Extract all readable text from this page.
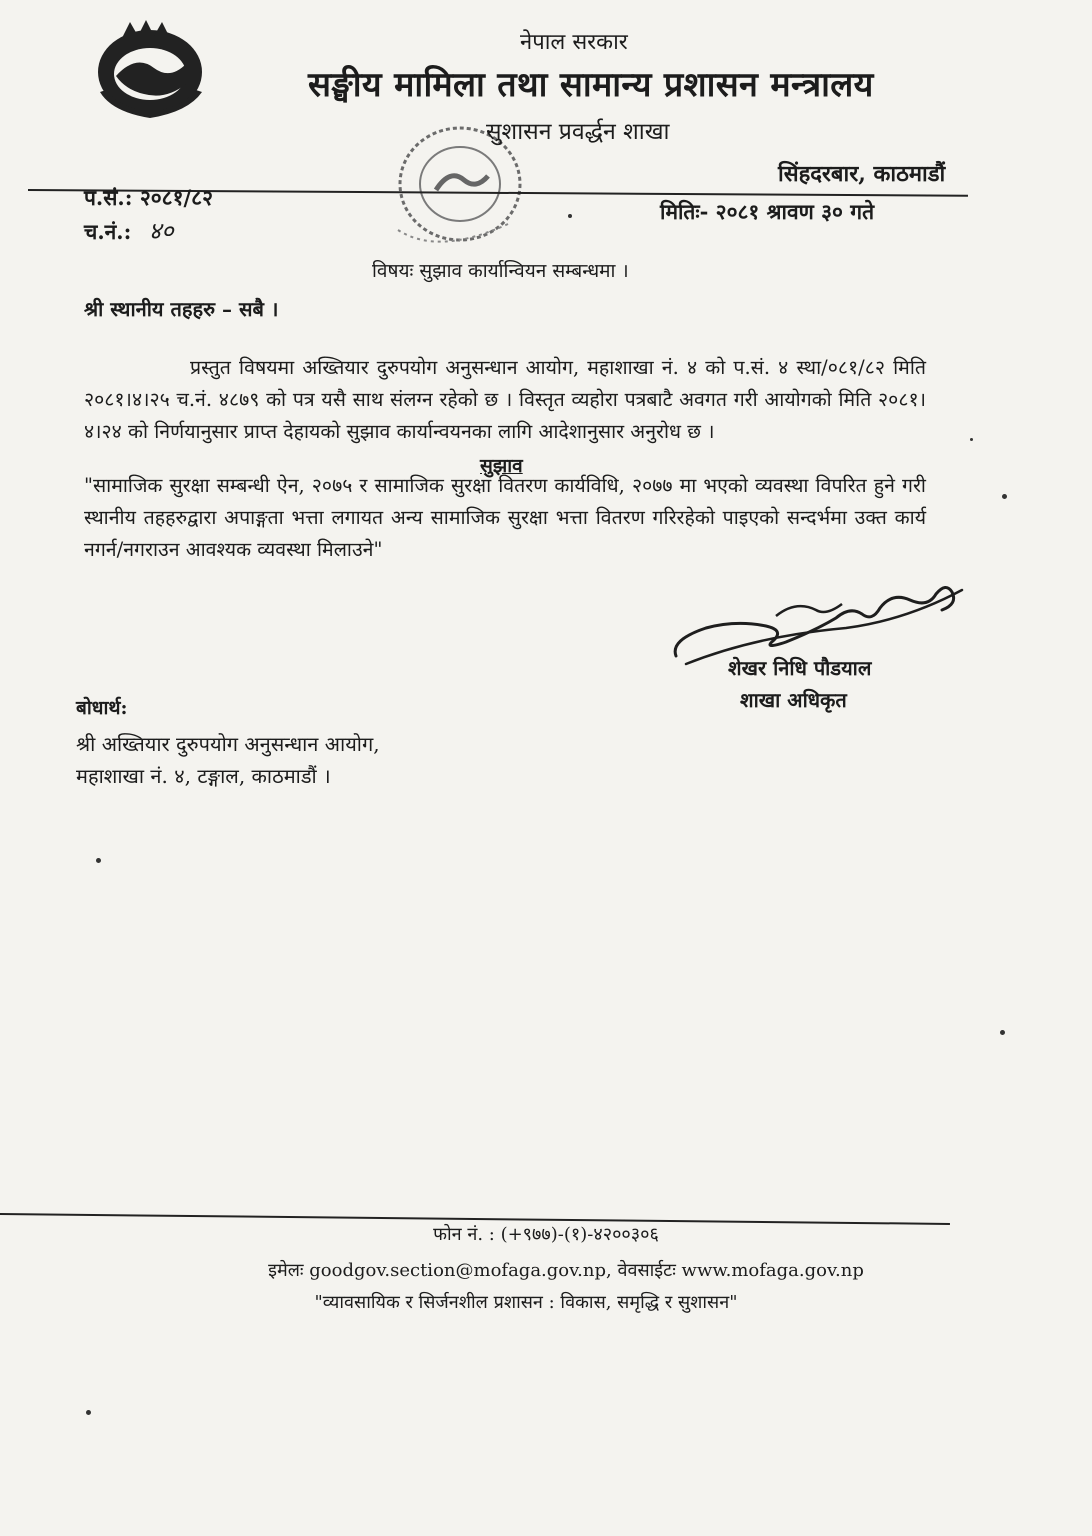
नेपाल सरकार
सङ्घीय मामिला तथा सामान्य प्रशासन मन्त्रालय
सुशासन प्रवर्द्धन शाखा
सिंहदरबार, काठमाडौं
प.सं.: २०८१/८२
च.नं.: ४०
मितिः- २०८१ श्रावण ३० गते
विषयः सुझाव कार्यान्वियन सम्बन्धमा ।
श्री स्थानीय तहहरु – सबै ।
प्रस्तुत विषयमा अख्तियार दुरुपयोग अनुसन्धान आयोग, महाशाखा नं. ४ को प.सं. ४ स्था/०८१/८२ मिति २०८१।४।२५ च.नं. ४८७९ को पत्र यसै साथ संलग्न रहेको छ । विस्तृत व्यहोरा पत्रबाटै अवगत गरी आयोगको मिति २०८१।४।२४ को निर्णयानुसार प्राप्त देहायको सुझाव कार्यान्वयनका लागि आदेशानुसार अनुरोध छ ।
सुझाव
"सामाजिक सुरक्षा सम्बन्धी ऐन, २०७५ र सामाजिक सुरक्षा वितरण कार्यविधि, २०७७ मा भएको व्यवस्था विपरित हुने गरी स्थानीय तहहरुद्वारा अपाङ्गता भत्ता लगायत अन्य सामाजिक सुरक्षा भत्ता वितरण गरिरहेको पाइएको सन्दर्भमा उक्त कार्य नगर्न/नगराउन आवश्यक व्यवस्था मिलाउने"
शेखर निधि पौडयाल
शाखा अधिकृत
बोधार्थ:
श्री अख्तियार दुरुपयोग अनुसन्धान आयोग,
महाशाखा नं. ४, टङ्गाल, काठमाडौं ।
फोन नं. : (+९७७)-(१)-४२००३०६
इमेलः goodgov.section@mofaga.gov.np, वेवसाईटः www.mofaga.gov.np
"व्यावसायिक र सिर्जनशील प्रशासन : विकास, समृद्धि र सुशासन"
